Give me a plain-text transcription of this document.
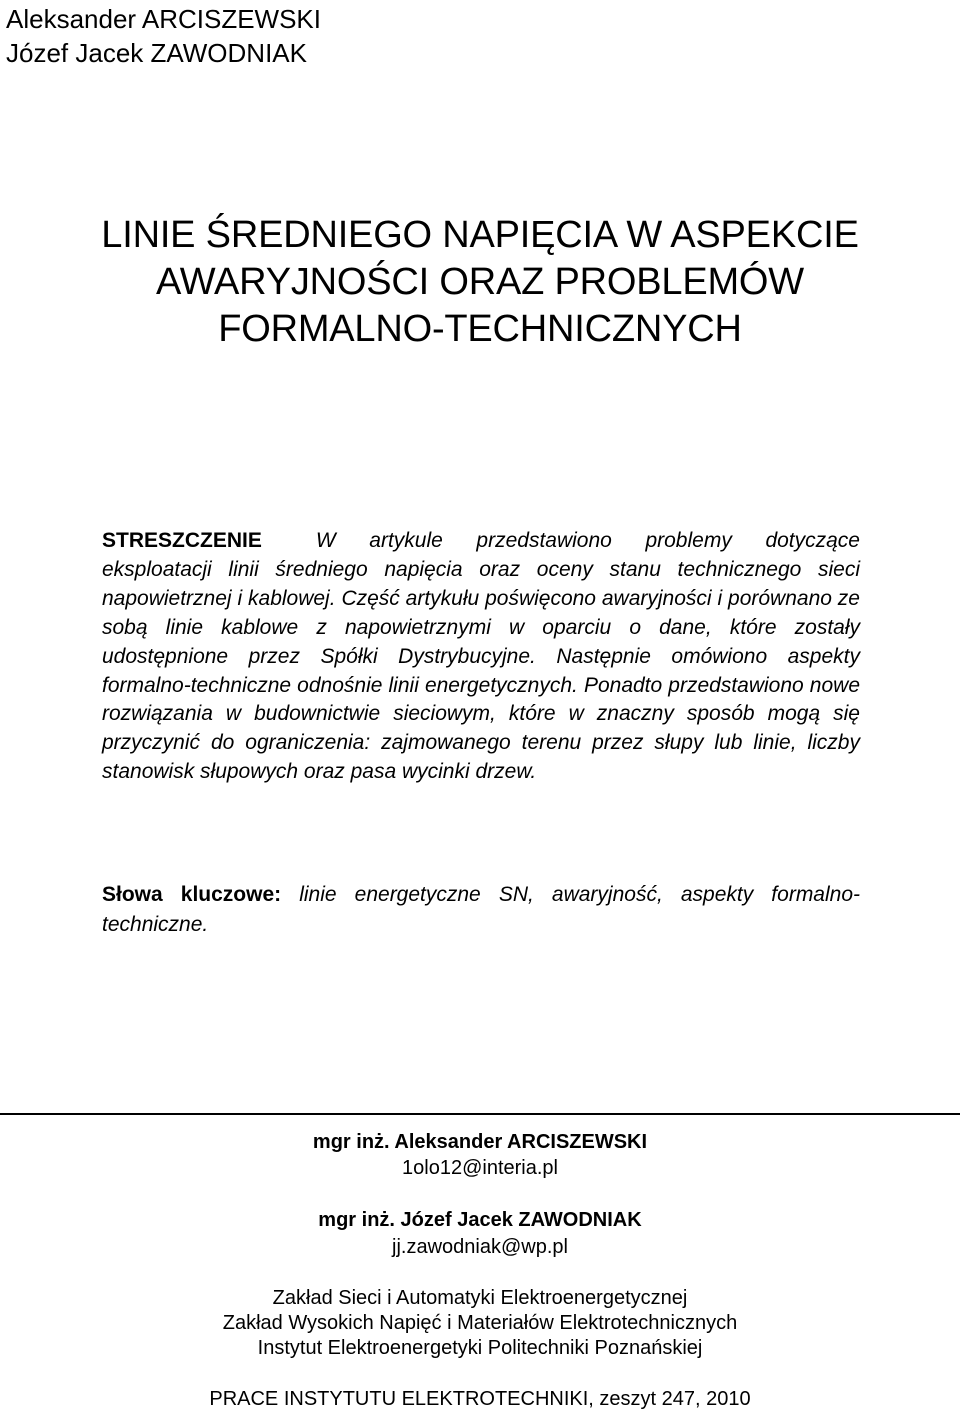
Aleksander ARCISZEWSKI
Józef Jacek ZAWODNIAK
LINIE ŚREDNIEGO NAPIĘCIA W ASPEKCIE
AWARYJNOŚCI ORAZ PROBLEMÓW
FORMALNO-TECHNICZNYCH
STRESZCZENIE	W artykule przedstawiono problemy dotyczące eksploatacji linii średniego napięcia oraz oceny stanu technicznego sieci napowietrznej i kablowej. Część artykułu poświęcono awaryjności i porównano ze sobą linie kablowe z napowietrznymi w oparciu o dane, które zostały udostępnione przez Spółki Dystrybucyjne. Następnie omówiono aspekty formalno-techniczne odnośnie linii energetycznych. Ponadto przedstawiono nowe rozwiązania w budownictwie sieciowym, które w znaczny sposób mogą się przyczynić do ograniczenia: zajmowanego terenu przez słupy lub linie, liczby stanowisk słupowych oraz pasa wycinki drzew.
Słowa kluczowe: linie energetyczne SN, awaryjność, aspekty formalno-techniczne.
mgr inż. Aleksander ARCISZEWSKI
1olo12@interia.pl
mgr inż. Józef Jacek ZAWODNIAK
jj.zawodniak@wp.pl
Zakład Sieci i Automatyki Elektroenergetycznej
Zakład Wysokich Napięć i Materiałów Elektrotechnicznych
Instytut Elektroenergetyki Politechniki Poznańskiej
PRACE INSTYTUTU ELEKTROTECHNIKI, zeszyt 247, 2010
